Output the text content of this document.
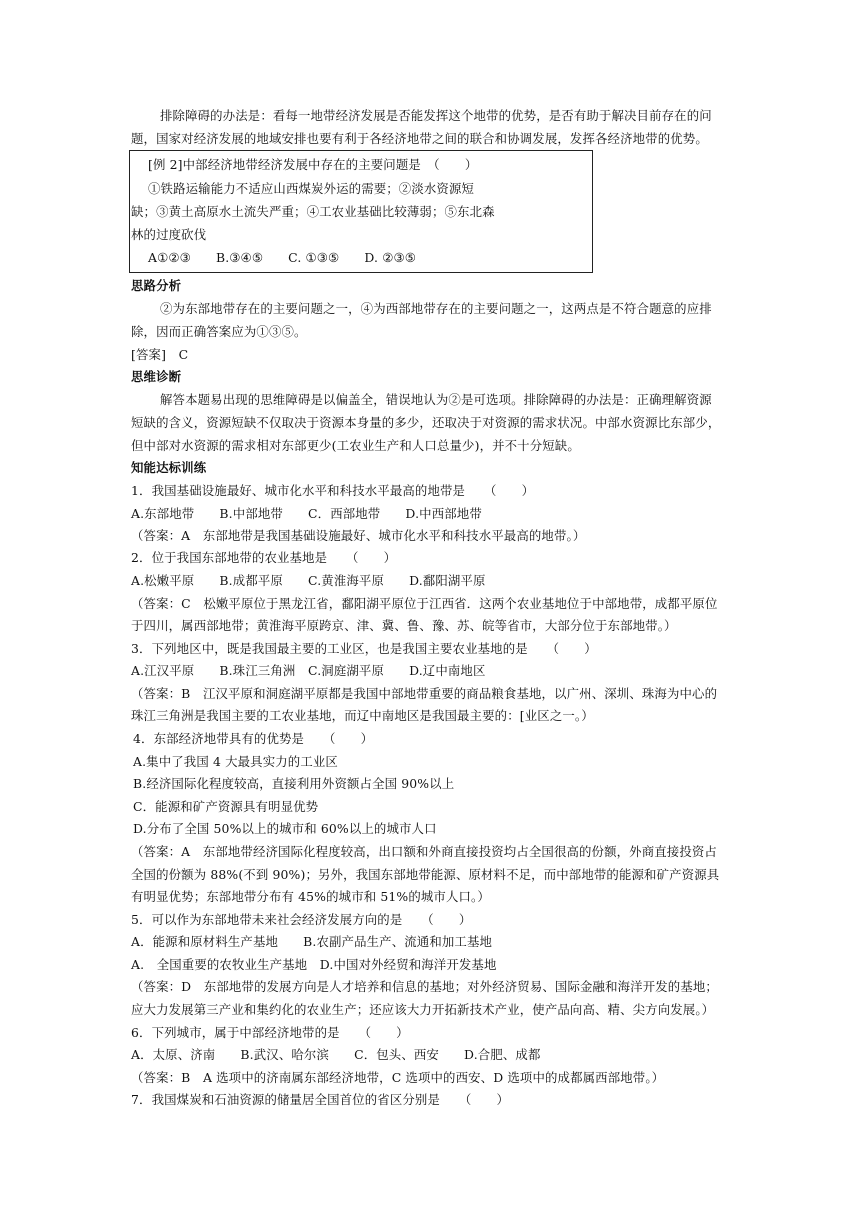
排除障碍的办法是：看每一地带经济发展是否能发挥这个地带的优势，是否有助于解决目前存在的问
题，国家对经济发展的地域安排也要有利于各经济地带之间的联合和协调发展，发挥各经济地带的优势。
[例 2]中部经济地带经济发展中存在的主要问题是　（　　）
①铁路运输能力不适应山西煤炭外运的需要；②淡水资源短
缺；③黄土高原水土流失严重；④工农业基础比较薄弱；⑤东北森
林的过度砍伐
A①②③　　B.③④⑤　　C. ①③⑤　　D. ②③⑤
思路分析
②为东部地带存在的主要问题之一，④为西部地带存在的主要问题之一，这两点是不符合题意的应排
除，因而正确答案应为①③⑤。
[答案]　C
思维诊断
解答本题易出现的思维障碍是以偏盖全，错误地认为②是可选项。排除障碍的办法是：正确理解资源
短缺的含义，资源短缺不仅取决于资源本身量的多少，还取决于对资源的需求状况。中部水资源比东部少，
但中部对水资源的需求相对东部更少(工农业生产和人口总量少)，并不十分短缺。
知能达标训练
1．我国基础设施最好、城市化水平和科技水平最高的地带是　　（　　）
A.东部地带　　B.中部地带　　C．西部地带　　D.中西部地带
（答案：A　东部地带是我国基础设施最好、城市化水平和科技水平最高的地带。）
2．位于我国东部地带的农业基地是　　（　　）
A.松嫩平原　　B.成都平原　　C.黄淮海平原　　D.鄱阳湖平原
（答案：C　松嫩平原位于黑龙江省，鄱阳湖平原位于江西省．这两个农业基地位于中部地带，成都平原位
于四川，属西部地带；黄淮海平原跨京、津、冀、鲁、豫、苏、皖等省市，大部分位于东部地带。）
3．下列地区中，既是我国最主要的工业区，也是我国主要农业基地的是　　（　　）
A.江汉平原　　B.珠江三角洲　C.洞庭湖平原　　D.辽中南地区
（答案：B　江汉平原和洞庭湖平原都是我国中部地带重要的商品粮食基地，以广州、深圳、珠海为中心的
珠江三角洲是我国主要的工农业基地，而辽中南地区是我国最主要的：[业区之一。）
4．东部经济地带具有的优势是　　（　　）
A.集中了我国 4 大最具实力的工业区
B.经济国际化程度较高，直接利用外资额占全国 90%以上
C．能源和矿产资源具有明显优势
D.分布了全国 50%以上的城市和 60%以上的城市人口
（答案：A　东部地带经济国际化程度较高，出口额和外商直接投资均占全国很高的份额，外商直接投资占
全国的份额为 88%(不到 90%)；另外，我国东部地带能源、原材料不足，而中部地带的能源和矿产资源具
有明显优势；东部地带分布有 45%的城市和 51%的城市人口。）
5．可以作为东部地带未来社会经济发展方向的是　　（　　）
A．能源和原材料生产基地　　B.农副产品生产、流通和加工基地
A.　全国重要的农牧业生产基地　D.中国对外经贸和海洋开发基地
（答案：D　东部地带的发展方向是人才培养和信息的基地；对外经济贸易、国际金融和海洋开发的基地；
应大力发展第三产业和集约化的农业生产；还应该大力开拓新技术产业，使产品向高、精、尖方向发展。）
6．下列城市，属于中部经济地带的是　　（　　）
A．太原、济南　　B.武汉、哈尔滨　　C．包头、西安　　D.合肥、成都
（答案：B　A 选项中的济南属东部经济地带，C 选项中的西安、D 选项中的成都属西部地带。）
7．我国煤炭和石油资源的储量居全国首位的省区分别是　　（　　）
